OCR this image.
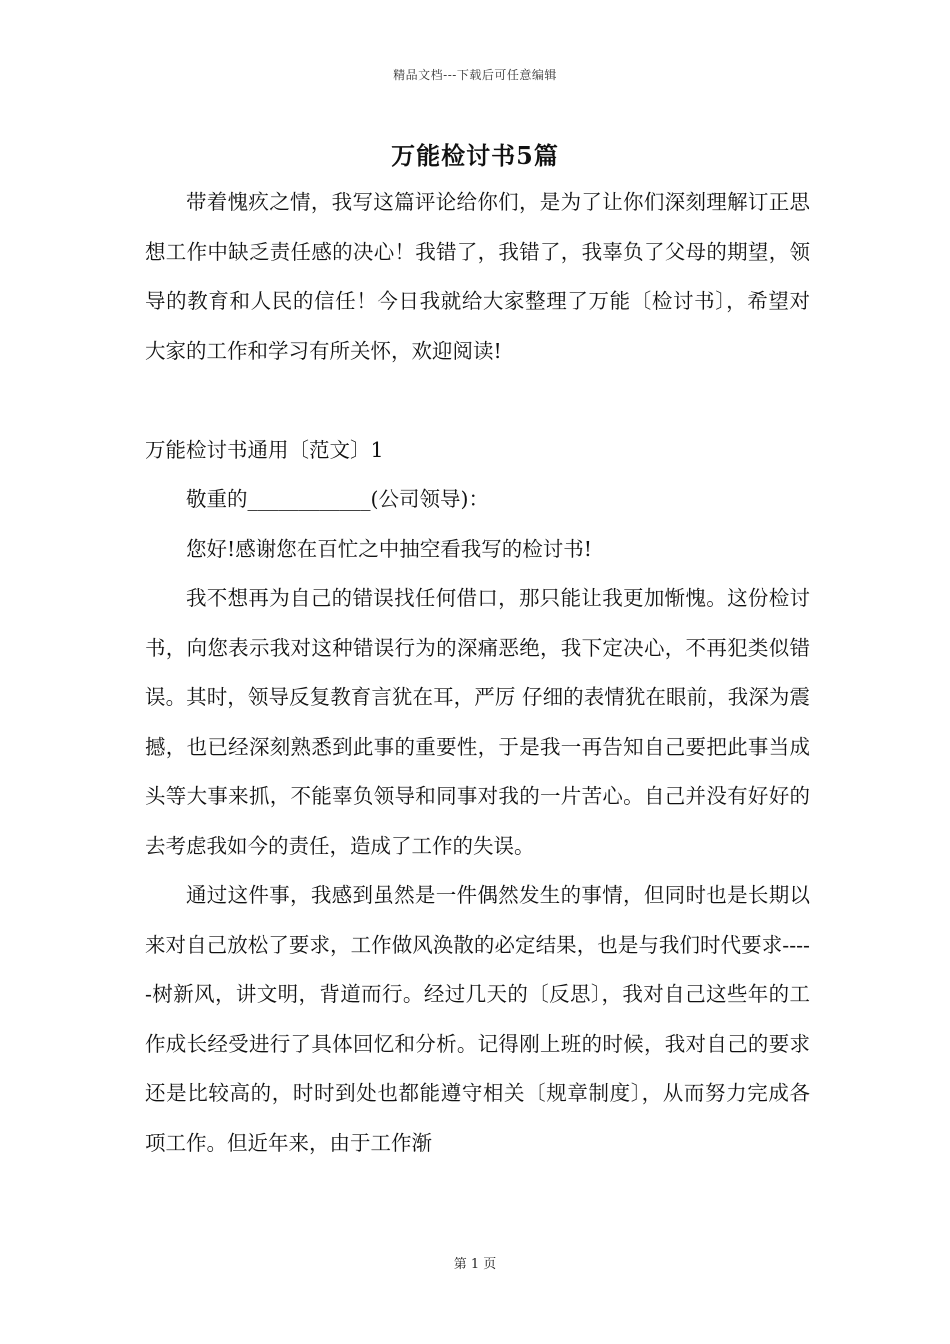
精品文档---下载后可任意编辑
万能检讨书5篇

带着愧疚之情，我写这篇评论给你们，是为了让你们深刻理解订正思想工作中缺乏责任感的决心！我错了，我错了，我辜负了父母的期望，领导的教育和人民的信任！今日我就给大家整理了万能〔检讨书〕，希望对大家的工作和学习有所关怀，欢迎阅读!

万能检讨书通用〔范文〕1

敬重的____________(公司领导)：

您好!感谢您在百忙之中抽空看我写的检讨书!

我不想再为自己的错误找任何借口，那只能让我更加惭愧。这份检讨书，向您表示我对这种错误行为的深痛恶绝，我下定决心，不再犯类似错误。其时，领导反复教育言犹在耳，严厉 仔细的表情犹在眼前，我深为震撼，也已经深刻熟悉到此事的重要性，于是我一再告知自己要把此事当成头等大事来抓，不能辜负领导和同事对我的一片苦心。自己并没有好好的去考虑我如今的责任，造成了工作的失误。

通过这件事，我感到虽然是一件偶然发生的事情，但同时也是长期以来对自己放松了要求，工作做风涣散的必定结果，也是与我们时代要求-----树新风，讲文明，背道而行。经过几天的〔反思〕，我对自己这些年的工作成长经受进行了具体回忆和分析。记得刚上班的时候，我对自己的要求还是比较高的，时时到处也都能遵守相关〔规章制度〕，从而努力完成各项工作。但近年来，由于工作渐

第 1 页
